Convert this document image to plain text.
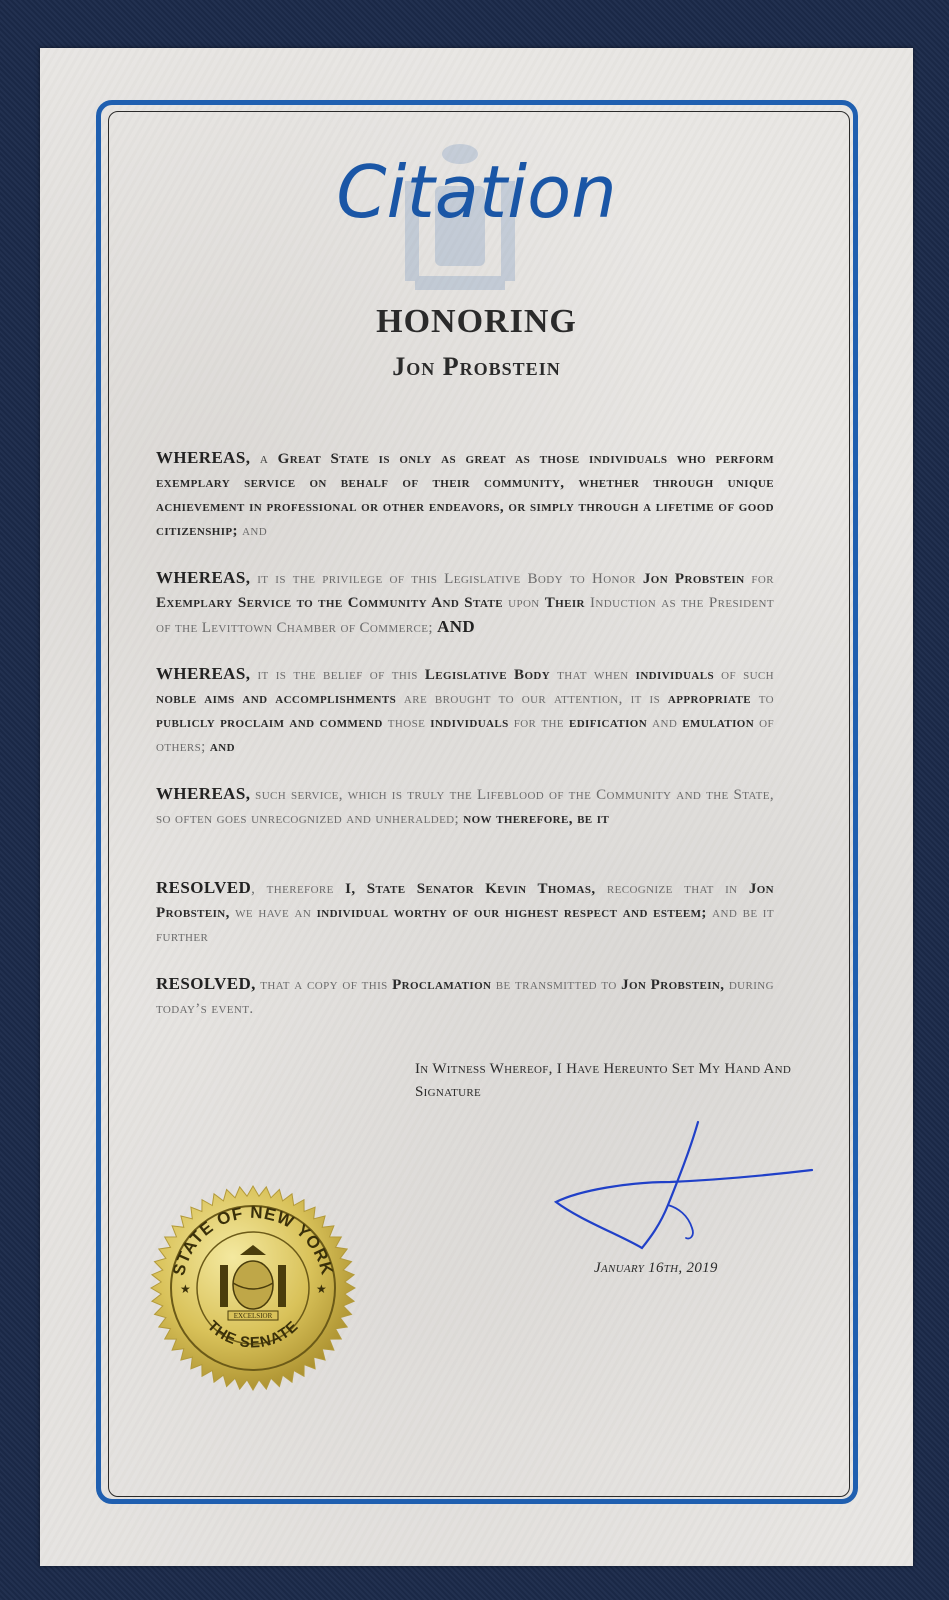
Citation
HONORING
Jon Probstein
WHEREAS, a Great State is only as great as those individuals who perform exemplary service on behalf of their community, whether through unique achievement in professional or other endeavors, or simply through a lifetime of good citizenship; and
WHEREAS, it is the privilege of this Legislative Body to Honor Jon Probstein for Exemplary Service to the Community And State upon Their Induction as the President of the Levittown Chamber of Commerce; AND
WHEREAS, it is the belief of this Legislative Body that when individuals of such noble aims and accomplishments are brought to our attention, it is appropriate to publicly proclaim and commend those individuals for the edification and emulation of others; and
WHEREAS, such service, which is truly the Lifeblood of the Community and the State, so often goes unrecognized and unheralded; now therefore, be it
RESOLVED, therefore I, State Senator Kevin Thomas, recognize that in Jon Probstein, we have an individual worthy of our highest respect and esteem; and be it further
RESOLVED, that a copy of this Proclamation be transmitted to Jon Probstein, during today’s event.
In Witness Whereof, I Have Hereunto Set My Hand And Signature
January 16th, 2019
STATE OF NEW YORK
THE SENATE
★	★
EXCELSIOR
